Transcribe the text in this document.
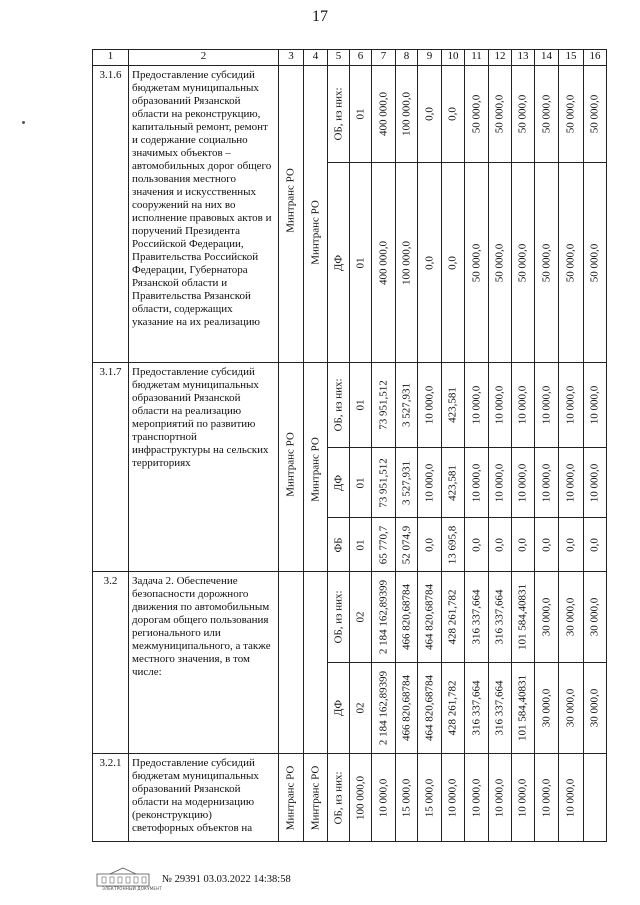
17
1	2	3	4	5	6	7	8	9	10	11	12	13	14	15	16
3.1.6	Предоставление субсидий бюджетам муниципальных образований Рязанской области на реконструкцию, капитальный ремонт, ремонт и содержание социально значимых объектов – автомобильных дорог общего пользования местного значения и искусственных сооружений на них во исполнение правовых актов и поручений Президента Российской Федерации, Правительства Российской Федерации, Губернатора Рязанской области и Правительства Рязанской области, содержащих указание на их реализацию	Минтранс РО	Минтранс РО	ОБ, из них:	01	400 000,0	100 000,0	0,0	0,0	50 000,0	50 000,0	50 000,0	50 000,0	50 000,0	50 000,0

				ДФ	01	400 000,0	100 000,0	0,0	0,0	50 000,0	50 000,0	50 000,0	50 000,0	50 000,0	50 000,0

3.1.7	Предоставление субсидий бюджетам муниципальных образований Рязанской области на реализацию мероприятий по развитию транспортной инфраструктуры на сельских территориях	Минтранс РО	Минтранс РО	ОБ, из них:	01	73 951,512	3 527,931	10 000,0	423,581	10 000,0	10 000,0	10 000,0	10 000,0	10 000,0	10 000,0

				ДФ	01	73 951,512	3 527,931	10 000,0	423,581	10 000,0	10 000,0	10 000,0	10 000,0	10 000,0	10 000,0

				ФБ	01	65 770,7	52 074,9	0,0	13 695,8	0,0	0,0	0,0	0,0	0,0	0,0

3.2	Задача 2. Обеспечение безопасности дорожного движения по автомобильным дорогам общего пользования регионального или межмуниципального, а также местного значения, в том числе:			ОБ, из них:	02	2 184 162,89399	466 820,68784	464 820,68784	428 261,782	316 337,664	316 337,664	101 584,40831	30 000,0	30 000,0	30 000,0

				ДФ	02	2 184 162,89399	466 820,68784	464 820,68784	428 261,782	316 337,664	316 337,664	101 584,40831	30 000,0	30 000,0	30 000,0

3.2.1	Предоставление субсидий бюджетам муниципальных образований Рязанской области на модернизацию (реконструкцию) светофорных объектов на	Минтранс РО	Минтранс РО	ОБ, из них:	100 000,0	10 000,0	15 000,0	15 000,0	10 000,0	10 000,0	10 000,0	10 000,0	10 000,0	10 000,0	

ЭЛЕКТРОННЫЙ ДОКУМЕНТ
№ 29391 03.03.2022 14:38:58
